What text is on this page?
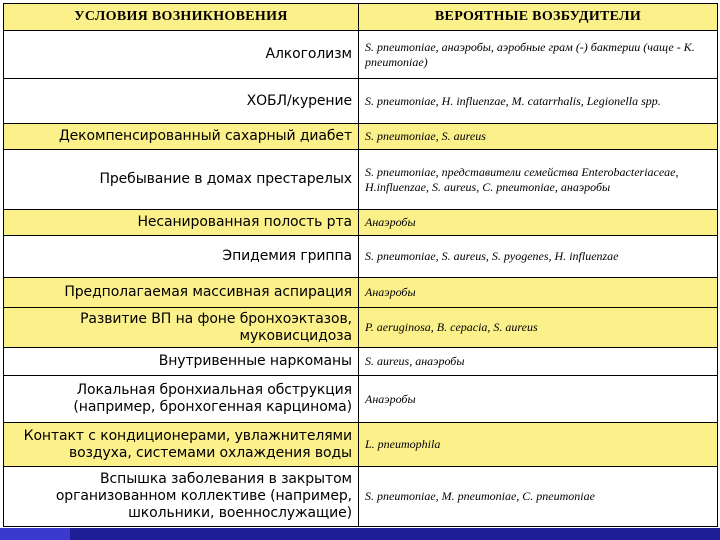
УСЛОВИЯ ВОЗНИКНОВЕНИЯ	ВЕРОЯТНЫЕ ВОЗБУДИТЕЛИ
Алкоголизм	S. pneumoniae, анаэробы, аэробные грам (-) бактерии (чаще - K. pneumoniae)
ХОБЛ/курение	S. pneumoniae, H. influenzae, M. catarrhalis, Legionella spp.
Декомпенсированный сахарный диабет	S. pneumoniae, S. aureus
Пребывание в домах престарелых	S. pneumoniae, представители семейства Enterobacteriaceae, H.influenzae, S. aureus, C. pneumoniae, анаэробы
Несанированная полость рта	Анаэробы
Эпидемия гриппа	S. pneumoniae, S. aureus, S. pyogenes, H. influenzae
Предполагаемая массивная аспирация	Анаэробы
Развитие ВП на фоне бронхоэктазов, муковисцидоза	P. aeruginosa, B. cepacia, S. aureus
Внутривенные наркоманы	S. aureus, анаэробы
Локальная бронхиальная обструкция (например, бронхогенная карцинома)	Анаэробы
Контакт с кондиционерами, увлажнителями воздуха, системами охлаждения воды	L. pneumophila
Вспышка заболевания в закрытом организованном коллективе (например, школьники, военнослужащие)	S. pneumoniae, M. pneumoniae, C. pneumoniae
